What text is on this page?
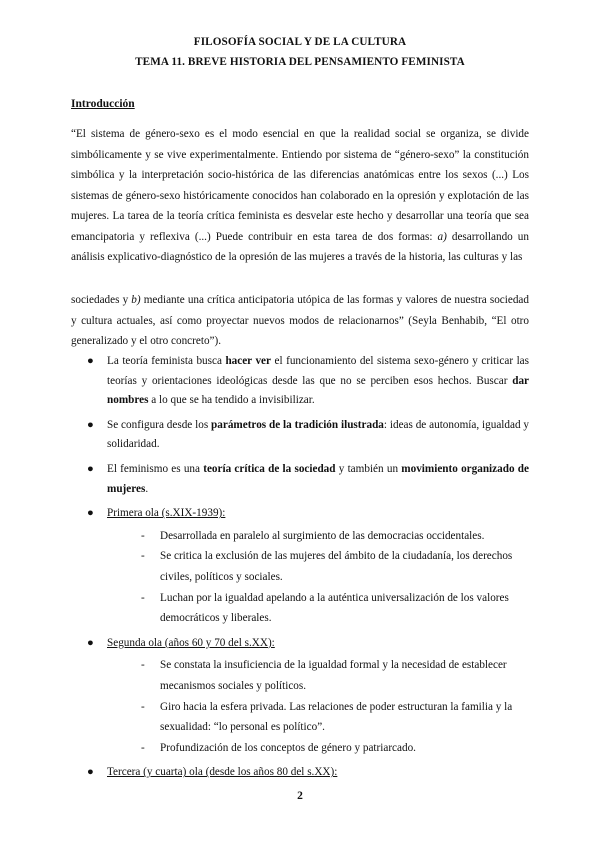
FILOSOFÍA SOCIAL Y DE LA CULTURA
TEMA 11. BREVE HISTORIA DEL PENSAMIENTO FEMINISTA
Introducción

“El sistema de género-sexo es el modo esencial en que la realidad social se organiza, se divide simbólicamente y se vive experimentalmente. Entiendo por sistema de “género-sexo” la constitución simbólica y la interpretación socio-histórica de las diferencias anatómicas entre los sexos (...) Los sistemas de género-sexo históricamente conocidos han colaborado en la opresión y explotación de las mujeres. La tarea de la teoría crítica feminista es desvelar este hecho y desarrollar una teoría que sea emancipatoria y reflexiva (...) Puede contribuir en esta tarea de dos formas: a) desarrollando un análisis explicativo-diagnóstico de la opresión de las mujeres a través de la historia, las culturas y las

sociedades y b) mediante una crítica anticipatoria utópica de las formas y valores de nuestra sociedad y cultura actuales, así como proyectar nuevos modos de relacionarnos” (Seyla Benhabib, “El otro generalizado y el otro concreto”).

● La teoría feminista busca hacer ver el funcionamiento del sistema sexo-género y criticar las teorías y orientaciones ideológicas desde las que no se perciben esos hechos. Buscar dar nombres a lo que se ha tendido a invisibilizar.
● Se configura desde los parámetros de la tradición ilustrada: ideas de autonomía, igualdad y solidaridad.
● El feminismo es una teoría crítica de la sociedad y también un movimiento organizado de mujeres.
● Primera ola (s.XIX-1939):
- Desarrollada en paralelo al surgimiento de las democracias occidentales.
- Se critica la exclusión de las mujeres del ámbito de la ciudadanía, los derechos civiles, políticos y sociales.
- Luchan por la igualdad apelando a la auténtica universalización de los valores democráticos y liberales.
● Segunda ola (años 60 y 70 del s.XX):
- Se constata la insuficiencia de la igualdad formal y la necesidad de establecer mecanismos sociales y políticos.
- Giro hacia la esfera privada. Las relaciones de poder estructuran la familia y la sexualidad: “lo personal es político”.
- Profundización de los conceptos de género y patriarcado.
● Tercera (y cuarta) ola (desde los años 80 del s.XX):
2
